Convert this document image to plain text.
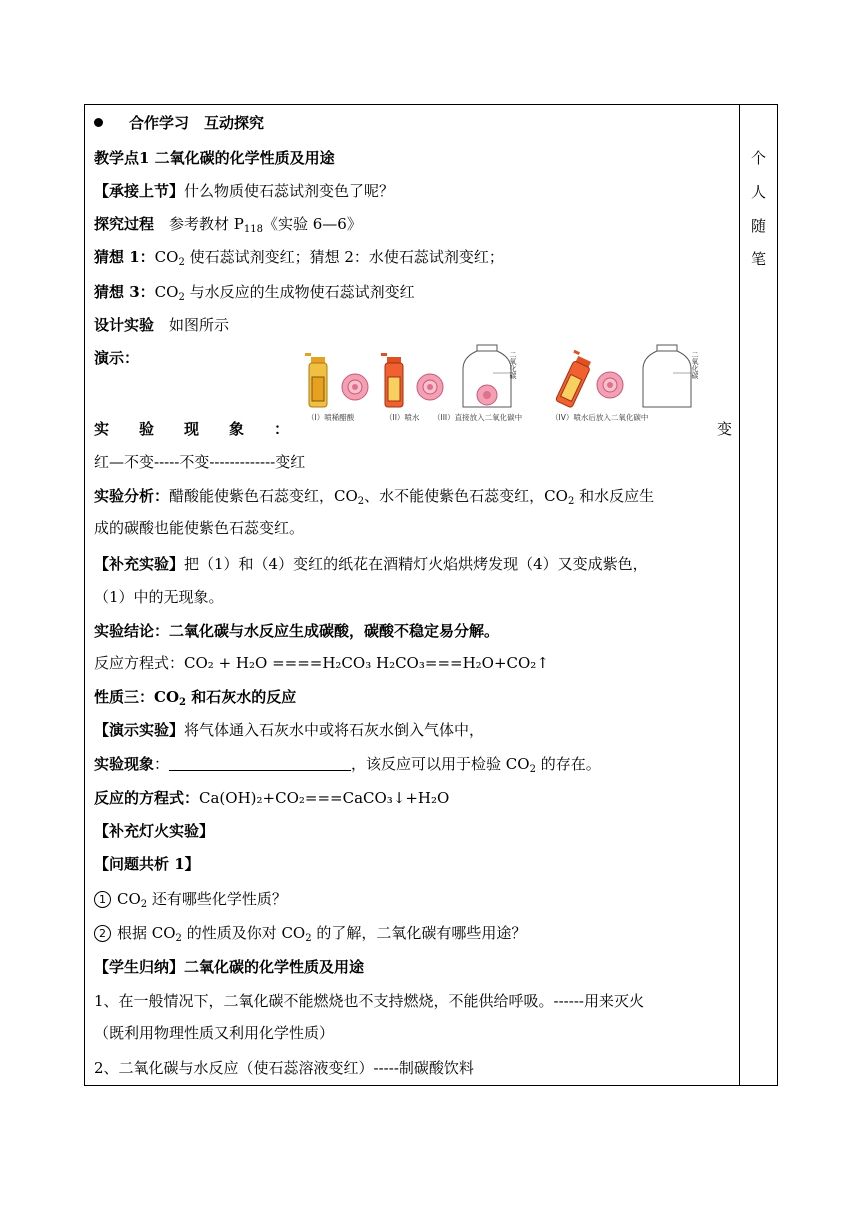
合作学习　互动探究
教学点1 二氧化碳的化学性质及用途
【承接上节】什么物质使石蕊试剂变色了呢？
探究过程　 参考教材 $P_{118}$《实验 6—6》
猜想 1：$CO_2$ 使石蕊试剂变红；猜想 2：水使石蕊试剂变红；
猜想 3：$CO_2$ 与水反应的生成物使石蕊试剂变红
设计实验　 如图所示
演示：	二氧化碳	二氧化碳
（I）喷稀醋酸	（II）喷水 （III）直接放入二氧化碳中	（IV）喷水后放入二氧化碳中
实　　验　　现　　象　　：	变
红—不变-----不变-------------变红
实验分析：醋酸能使紫色石蕊变红，$CO_2$、水不能使紫色石蕊变红，$CO_2$ 和水反应生
成的碳酸也能使紫色石蕊变红。
【补充实验】把（1）和（4）变红的纸花在酒精灯火焰烘烤发现（4）又变成紫色，
（1）中的无现象。
实验结论：二氧化碳与水反应生成碳酸，碳酸不稳定易分解。
反应方程式：CO₂ + H₂O ====H₂CO₃ H₂CO₃===H₂O+CO₂↑
性质三：$CO_2$ 和石灰水的反应
【演示实验】将气体通入石灰水中或将石灰水倒入气体中，
实验现象：	，该反应可以用于检验 $CO_2$ 的存在。
反应的方程式：Ca(OH)₂+CO₂===CaCO₃↓+H₂O
【补充灯火实验】
【问题共析 1】
1 $CO_2$ 还有哪些化学性质？
2 根据 $CO_2$ 的性质及你对 $CO_2$ 的了解，二氧化碳有哪些用途？
【学生归纳】二氧化碳的化学性质及用途
1、在一般情况下，二氧化碳不能燃烧也不支持燃烧，不能供给呼吸。------用来灭火
（既利用物理性质又利用化学性质）
2、二氧化碳与水反应（使石蕊溶液变红）-----制碳酸饮料
个
人
随
笔
